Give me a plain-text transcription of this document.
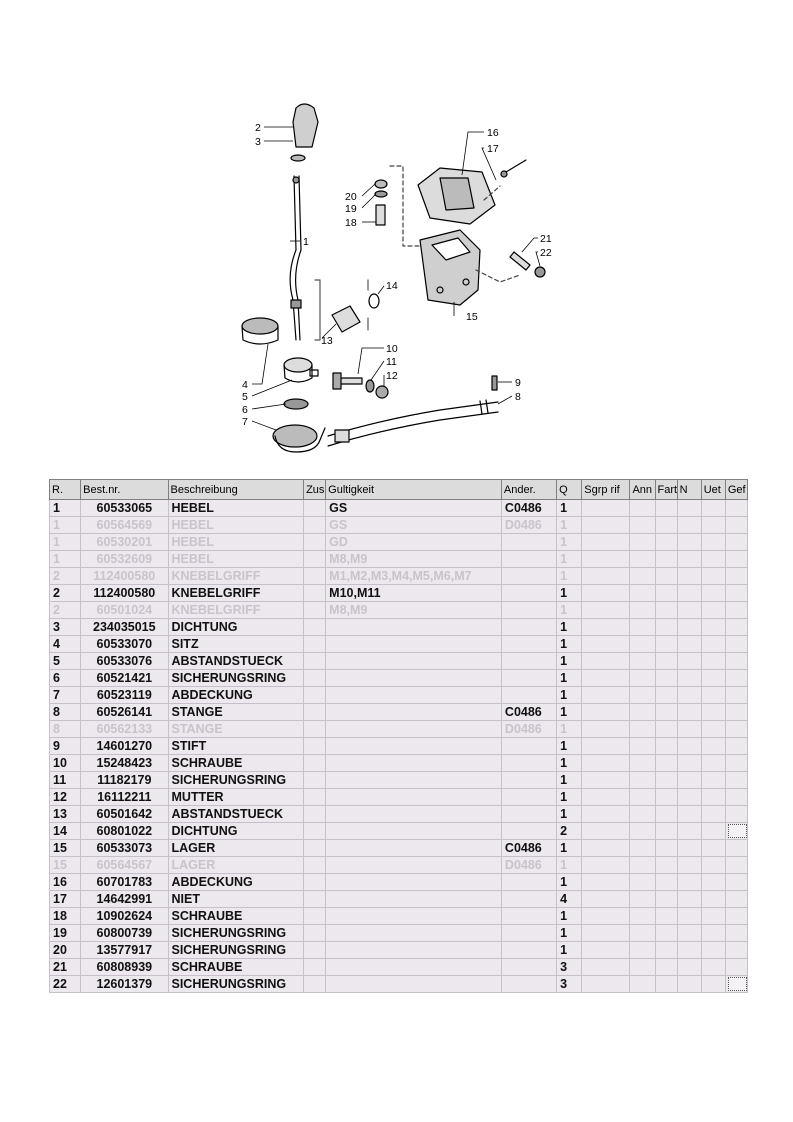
2
3
1
4
5
6
7
8
9
10
11
12
13
14
15
16
17
18
19
20
21
22
R.	Best.nr.	Beschreibung	Zus	Gultigkeit	Ander.	Q	Sgrp rif	Ann	Fart	N	Uet	Gef
1	60533065	HEBEL		GS	C0486	1						
1	60564569	HEBEL		GS	D0486	1						
1	60530201	HEBEL		GD		1						
1	60532609	HEBEL		M8,M9		1						
2	112400580	KNEBELGRIFF		M1,M2,M3,M4,M5,M6,M7		1						
2	112400580	KNEBELGRIFF		M10,M11		1						
2	60501024	KNEBELGRIFF		M8,M9		1						
3	234035015	DICHTUNG				1						
4	60533070	SITZ				1						
5	60533076	ABSTANDSTUECK				1						
6	60521421	SICHERUNGSRING				1						
7	60523119	ABDECKUNG				1						
8	60526141	STANGE			C0486	1						
8	60562133	STANGE			D0486	1						
9	14601270	STIFT				1						
10	15248423	SCHRAUBE				1						
11	11182179	SICHERUNGSRING				1						
12	16112211	MUTTER				1						
13	60501642	ABSTANDSTUECK				1						
14	60801022	DICHTUNG				2						

15	60533073	LAGER			C0486	1						
15	60564567	LAGER			D0486	1						
16	60701783	ABDECKUNG				1						
17	14642991	NIET				4						
18	10902624	SCHRAUBE				1						
19	60800739	SICHERUNGSRING				1						
20	13577917	SICHERUNGSRING				1						
21	60808939	SCHRAUBE				3						
22	12601379	SICHERUNGSRING				3						
